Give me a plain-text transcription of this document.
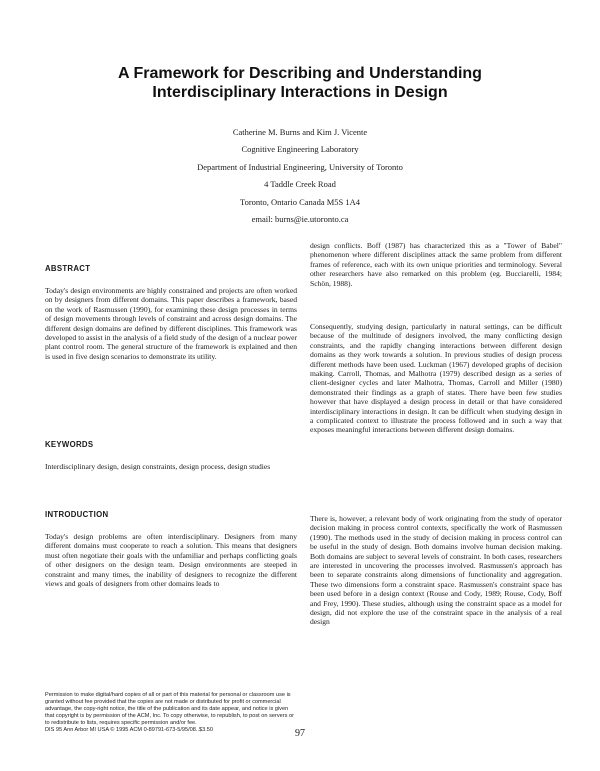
A Framework for Describing and Understanding
Interdisciplinary Interactions in Design
Catherine M. Burns and Kim J. Vicente
Cognitive Engineering Laboratory
Department of Industrial Engineering, University of Toronto
4 Taddle Creek Road
Toronto, Ontario Canada M5S 1A4
email: burns@ie.utoronto.ca
ABSTRACT
Today's design environments are highly constrained and projects are often worked on by designers from different domains. This paper describes a framework, based on the work of Rasmussen (1990), for examining these design processes in terms of design movements through levels of constraint and across design domains. The different design domains are defined by different disciplines. This framework was developed to assist in the analysis of a field study of the design of a nuclear power plant control room. The general structure of the framework is explained and then is used in five design scenarios to demonstrate its utility.
KEYWORDS
Interdisciplinary design, design constraints, design process, design studies
INTRODUCTION
Today's design problems are often interdisciplinary. Designers from many different domains must cooperate to reach a solution. This means that designers must often negotiate their goals with the unfamiliar and perhaps conflicting goals of other designers on the design team. Design environments are steeped in constraint and many times, the inability of designers to recognize the different views and goals of designers from other domains leads to
Permission to make digital/hard copies of all or part of this material for personal or classroom use is granted without fee provided that the copies are not made or distributed for profit or commercial advantage, the copy-right notice, the title of the publication and its date appear, and notice is given that copyright is by permission of the ACM, Inc. To copy otherwise, to republish, to post on servers or to redistribute to lists, requires specific permission and/or fee.
DIS 95 Ann Arbor MI USA © 1995 ACM 0-89791-673-5/95/08..$3.50
design conflicts. Boff (1987) has characterized this as a "Tower of Babel" phenomenon where different disciplines attack the same problem from different frames of reference, each with its own unique priorities and terminology. Several other researchers have also remarked on this problem (eg. Bucciarelli, 1984; Schön, 1988).
Consequently, studying design, particularly in natural settings, can be difficult because of the multitude of designers involved, the many conflicting design constraints, and the rapidly changing interactions between different design domains as they work towards a solution. In previous studies of design process different methods have been used. Luckman (1967) developed graphs of decision making. Carroll, Thomas, and Malhotra (1979) described design as a series of client-designer cycles and later Malhotra, Thomas, Carroll and Miller (1980) demonstrated their findings as a graph of states. There have been few studies however that have displayed a design process in detail or that have considered interdisciplinary interactions in design. It can be difficult when studying design in a complicated context to illustrate the process followed and in such a way that exposes meaningful interactions between different design domains.
There is, however, a relevant body of work originating from the study of operator decision making in process control contexts, specifically the work of Rasmussen (1990). The methods used in the study of decision making in process control can be useful in the study of design. Both domains involve human decision making. Both domains are subject to several levels of constraint. In both cases, researchers are interested in uncovering the processes involved. Rasmussen's approach has been to separate constraints along dimensions of functionality and aggregation. These two dimensions form a constraint space. Rasmussen's constraint space has been used before in a design context (Rouse and Cody, 1989; Rouse, Cody, Boff and Frey, 1990). These studies, although using the constraint space as a model for design, did not explore the use of the constraint space in the analysis of a real design
97
